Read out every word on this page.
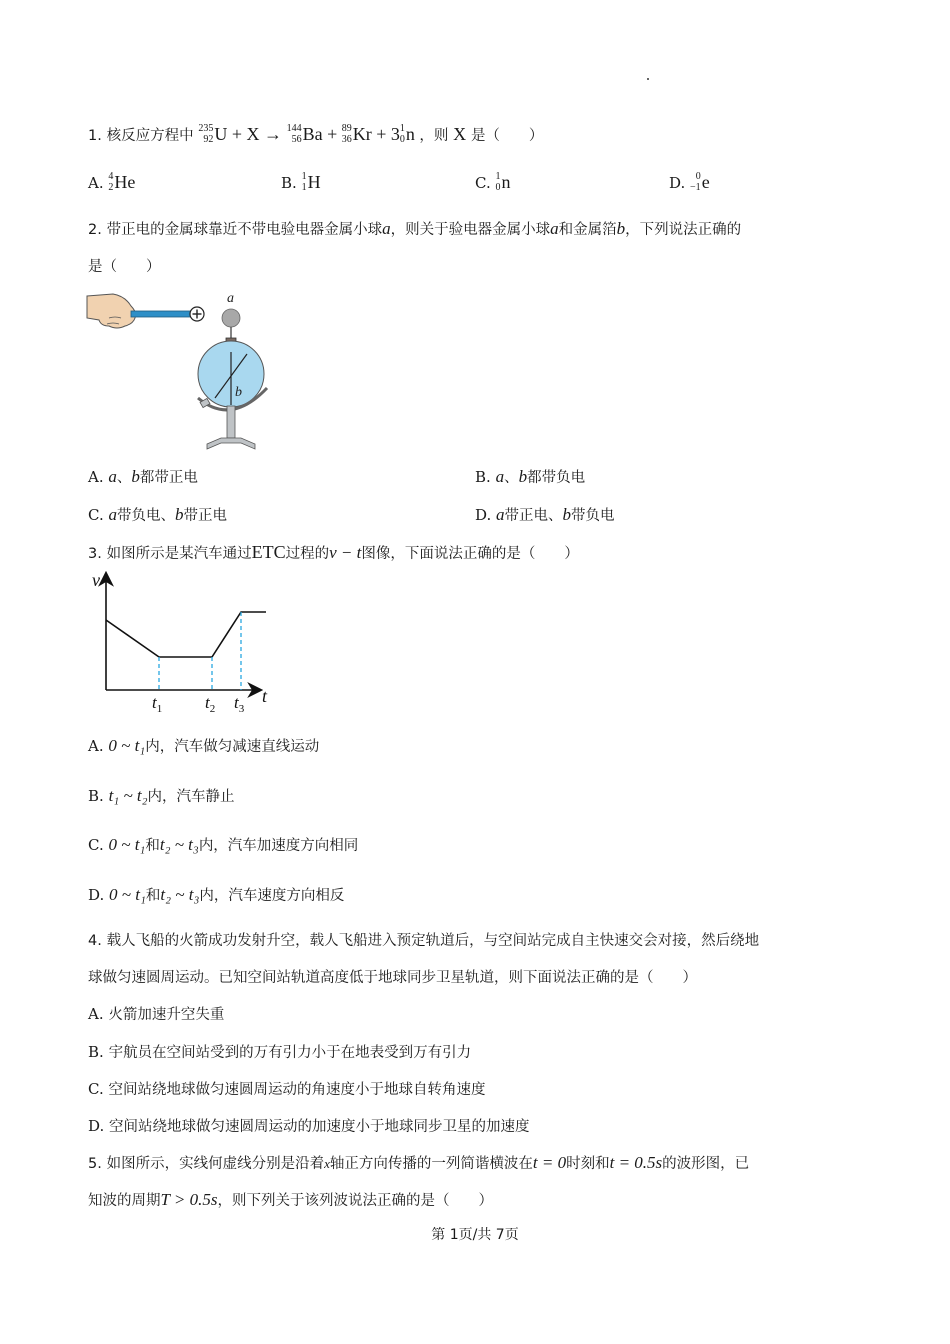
1. 核反应方程中 235
92 U + X → 144
56 Ba + 89
36 Kr + 3 1
0 n ，则 X 是（　　）
A. 4
2 He	B. 1
1 H	C. 1
0 n	D. 0
−1 e
2. 带正电的金属球靠近不带电验电器金属小球a，则关于验电器金属小球a和金属箔b，下列说法正确的
是（　　）
a
b
A. a、b都带正电	B. a、b都带负电
C. a带负电、b带正电	D. a带正电、b带负电
3. 如图所示是某汽车通过ETC过程的v − t图像，下面说法正确的是（　　）
v
t
$t_1$	$t_2$ $t_3$
A. 0 ~ t₁内，汽车做匀减速直线运动
B. t₁ ~ t₂内，汽车静止
C. 0 ~ t₁和t₂ ~ t₃内，汽车加速度方向相同
D. 0 ~ t₁和t₂ ~ t₃内，汽车速度方向相反
4. 载人飞船的火箭成功发射升空，载人飞船进入预定轨道后，与空间站完成自主快速交会对接，然后绕地
球做匀速圆周运动。已知空间站轨道高度低于地球同步卫星轨道，则下面说法正确的是（　　）
A. 火箭加速升空失重
B. 宇航员在空间站受到的万有引力小于在地表受到万有引力
C. 空间站绕地球做匀速圆周运动的角速度小于地球自转角速度
D. 空间站绕地球做匀速圆周运动的加速度小于地球同步卫星的加速度
5. 如图所示，实线何虚线分别是沿着x轴正方向传播的一列简谐横波在t = 0时刻和t = 0.5s的波形图，已
知波的周期T > 0.5s，则下列关于该列波说法正确的是（　　）
第 1页/共 7页
